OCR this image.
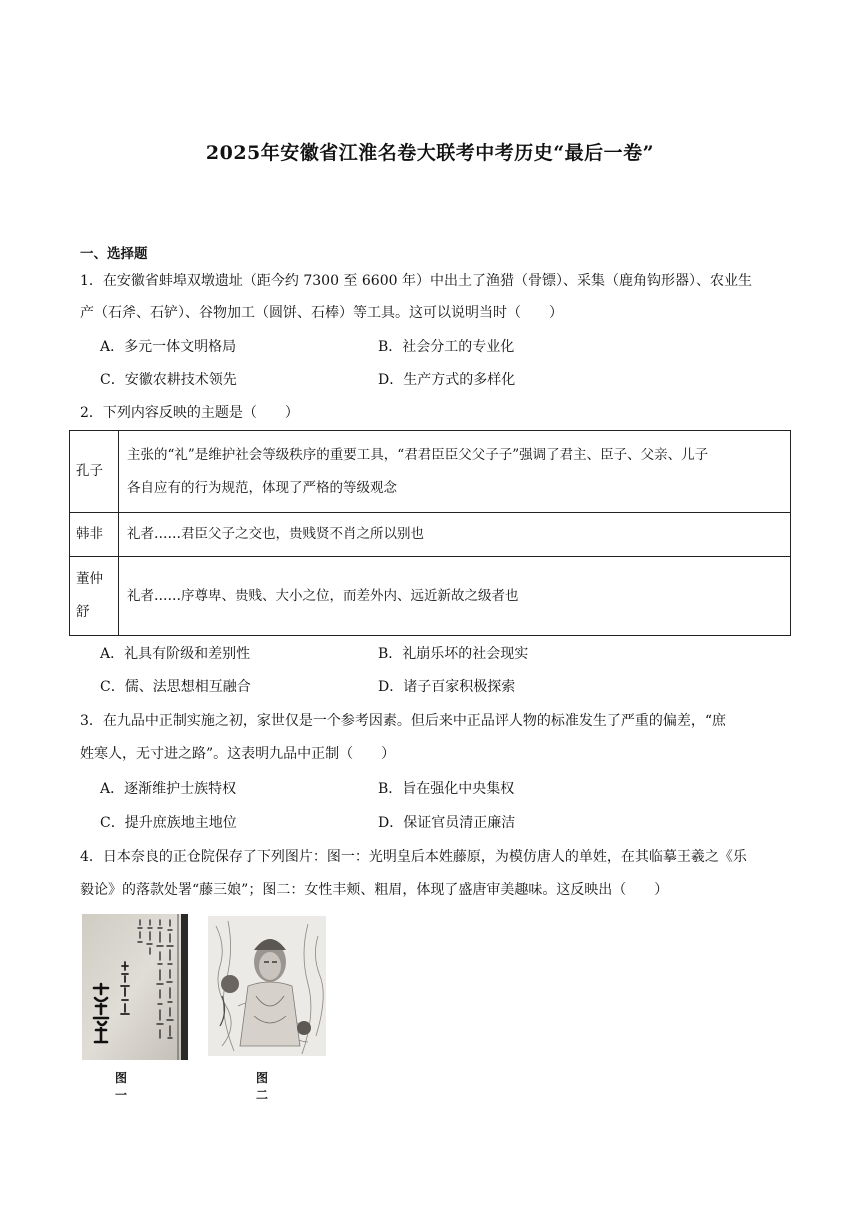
2025年安徽省江淮名卷大联考中考历史“最后一卷”
一、选择题
1．在安徽省蚌埠双墩遗址（距今约 7300 至 6600 年）中出土了渔猎（骨镖）、采集（鹿角钩形器）、农业生
产（石斧、石铲）、谷物加工（圆饼、石棒）等工具。这可以说明当时（　　）
A．多元一体文明格局	B．社会分工的专业化
C．安徽农耕技术领先	D．生产方式的多样化
2．下列内容反映的主题是（　　）
孔子	主张的“礼”是维护社会等级秩序的重要工具，“君君臣臣父父子子”强调了君主、臣子、父亲、儿子
各自应有的行为规范，体现了严格的等级观念

韩非	礼者……君臣父子之交也，贵贱贤不肖之所以别也

董仲
舒	礼者……序尊卑、贵贱、大小之位，而差外内、远近新故之级者也
A．礼具有阶级和差别性	B．礼崩乐坏的社会现实
C．儒、法思想相互融合	D．诸子百家积极探索
3．在九品中正制实施之初，家世仅是一个参考因素。但后来中正品评人物的标准发生了严重的偏差，“庶
姓寒人，无寸进之路”。这表明九品中正制（　　）
A．逐渐维护士族特权	B．旨在强化中央集权
C．提升庶族地主地位	D．保证官员清正廉洁
4．日本奈良的正仓院保存了下列图片：图一：光明皇后本姓藤原，为模仿唐人的单姓，在其临摹王羲之《乐
毅论》的落款处署“藤三娘”；图二：女性丰颊、粗眉，体现了盛唐审美趣味。这反映出（　　）
图一
图二
